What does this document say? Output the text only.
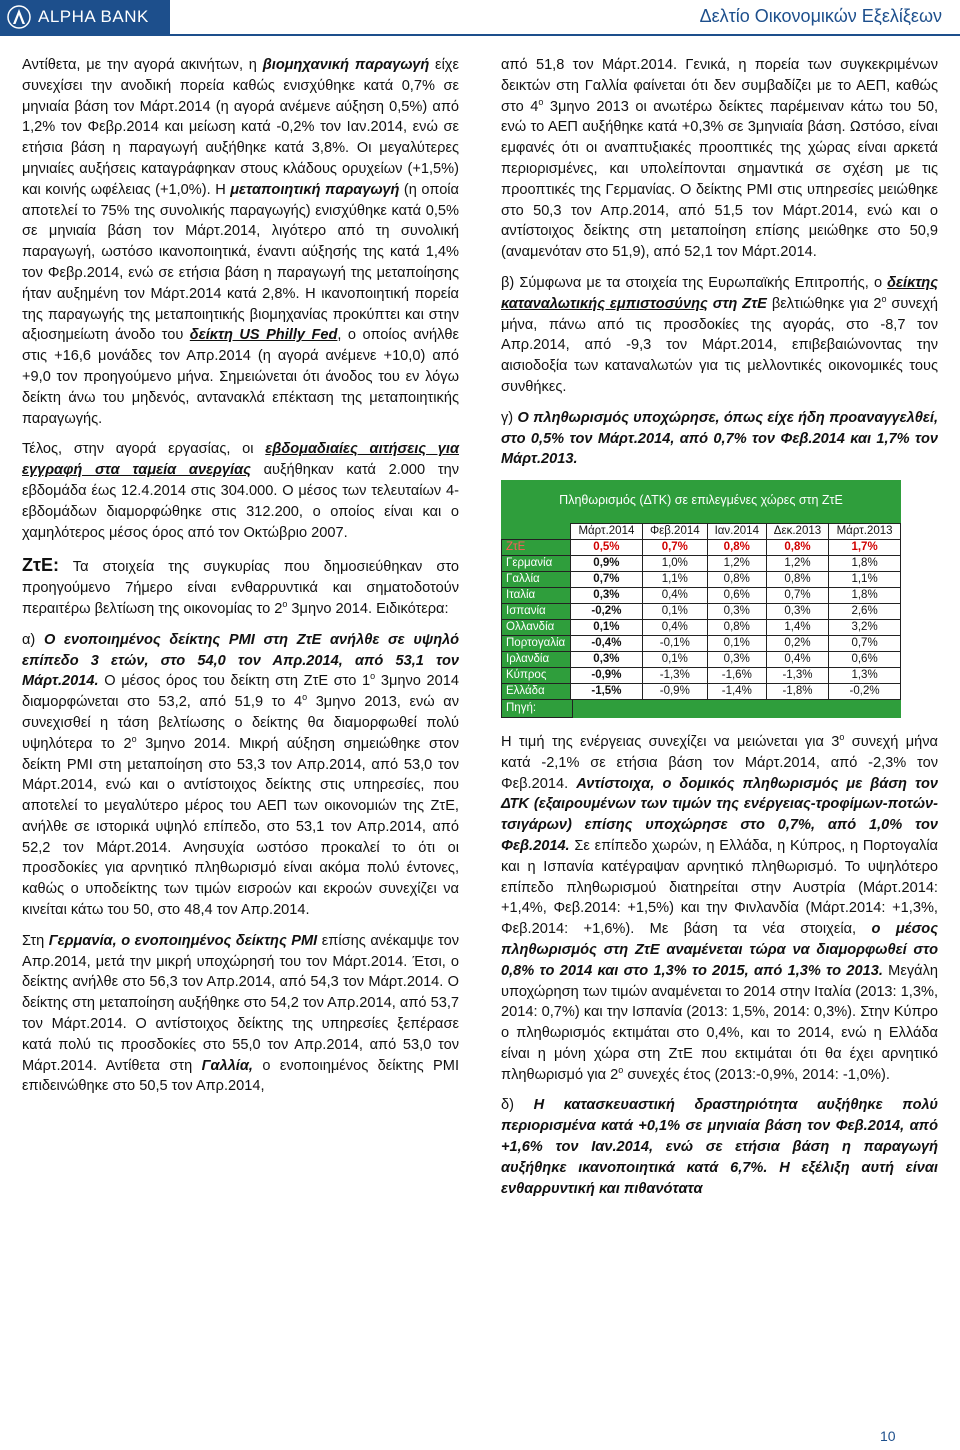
ALPHA BANK	Δελτίο Οικονομικών Εξελίξεων

Αντίθετα, με την αγορά ακινήτων, η βιομηχανική παραγωγή είχε συνεχίσει την ανοδική πορεία καθώς ενισχύθηκε κατά 0,7% σε μηνιαία βάση τον Μάρτ.2014 (η αγορά ανέμενε αύξηση 0,5%) από 1,2% τον Φεβρ.2014 και μείωση κατά -0,2% τον Ιαν.2014, ενώ σε ετήσια βάση η παραγωγή αυξήθηκε κατά 3,8%. Οι μεγαλύτερες μηνιαίες αυξήσεις καταγράφηκαν στους κλάδους ορυχείων (+1,5%) και κοινής ωφέλειας (+1,0%). Η μεταποιητική παραγωγή (η οποία αποτελεί το 75% της συνολικής παραγωγής) ενισχύθηκε κατά 0,5% σε μηνιαία βάση τον Μάρτ.2014, λιγότερο από τη συνολική παραγωγή, ωστόσο ικανοποιητικά, έναντι αύξησής της κατά 1,4% τον Φεβρ.2014, ενώ σε ετήσια βάση η παραγωγή της μεταποίησης ήταν αυξημένη τον Μάρτ.2014 κατά 2,8%. Η ικανοποιητική πορεία της παραγωγής της μεταποιητικής βιομηχανίας προκύπτει και στην αξιοσημείωτη άνοδο του δείκτη US Philly Fed, ο οποίος ανήλθε στις +16,6 μονάδες τον Απρ.2014 (η αγορά ανέμενε +10,0) από +9,0 τον προηγούμενο μήνα. Σημειώνεται ότι άνοδος του εν λόγω δείκτη άνω του μηδενός, αντανακλά επέκταση της μεταποιητικής παραγωγής.

Τέλος, στην αγορά εργασίας, οι εβδομαδιαίες αιτήσεις για εγγραφή στα ταμεία ανεργίας αυξήθηκαν κατά 2.000 την εβδομάδα έως 12.4.2014 στις 304.000. Ο μέσος των τελευταίων 4-εβδομάδων διαμορφώθηκε στις 312.200, ο οποίος είναι και ο χαμηλότερος μέσος όρος από τον Οκτώβριο 2007.

ΖτΕ: Τα στοιχεία της συγκυρίας που δημοσιεύθηκαν στο προηγούμενο 7ήμερο είναι ενθαρρυντικά και σηματοδοτούν περαιτέρω βελτίωση της οικονομίας το $2^o$ 3μηνο 2014. Ειδικότερα:

α) Ο ενοποιημένος δείκτης PMI στη ΖτΕ ανήλθε σε υψηλό επίπεδο 3 ετών, στο 54,0 τον Απρ.2014, από 53,1 τον Μάρτ.2014. Ο μέσος όρος του δείκτη στη ΖτΕ στο $1^o$ 3μηνο 2014 διαμορφώνεται στο 53,2, από 51,9 το $4^o$ 3μηνο 2013, ενώ αν συνεχισθεί η τάση βελτίωσης ο δείκτης θα διαμορφωθεί πολύ υψηλότερα το $2^o$ 3μηνο 2014. Μικρή αύξηση σημειώθηκε στον δείκτη PMI στη μεταποίηση στο 53,3 τον Απρ.2014, από 53,0 τον Μάρτ.2014, ενώ και ο αντίστοιχος δείκτης στις υπηρεσίες, που αποτελεί το μεγαλύτερο μέρος του ΑΕΠ των οικονομιών της ΖτΕ, ανήλθε σε ιστορικά υψηλό επίπεδο, στο 53,1 τον Απρ.2014, από 52,2 τον Μάρτ.2014. Ανησυχία ωστόσο προκαλεί το ότι οι προσδοκίες για αρνητικό πληθωρισμό είναι ακόμα πολύ έντονες, καθώς ο υποδείκτης των τιμών εισροών και εκροών συνεχίζει να κινείται κάτω του 50, στο 48,4 τον Απρ.2014.

Στη Γερμανία, ο ενοποιημένος δείκτης PMI επίσης ανέκαμψε τον Απρ.2014, μετά την μικρή υποχώρησή του τον Μάρτ.2014. Έτσι, ο δείκτης ανήλθε στο 56,3 τον Απρ.2014, από 54,3 τον Μάρτ.2014. Ο δείκτης στη μεταποίηση αυξήθηκε στο 54,2 τον Απρ.2014, από 53,7 τον Μάρτ.2014. Ο αντίστοιχος δείκτης της υπηρεσίες ξεπέρασε κατά πολύ τις προσδοκίες στο 55,0 τον Απρ.2014, από 53,0 τον Μάρτ.2014. Αντίθετα στη Γαλλία, ο ενοποιημένος δείκτης PMI επιδεινώθηκε στο 50,5 τον Απρ.2014,

από 51,8 τον Μάρτ.2014. Γενικά, η πορεία των συγκεκριμένων δεικτών στη Γαλλία φαίνεται ότι δεν συμβαδίζει με το ΑΕΠ, καθώς στο $4^o$ 3μηνο 2013 οι ανωτέρω δείκτες παρέμειναν κάτω του 50, ενώ το ΑΕΠ αυξήθηκε κατά +0,3% σε 3μηνιαία βάση. Ωστόσο, είναι εμφανές ότι οι αναπτυξιακές προοπτικές της χώρας είναι αρκετά περιορισμένες, και υπολείπονται σημαντικά σε σχέση με τις προοπτικές της Γερμανίας. Ο δείκτης PMI στις υπηρεσίες μειώθηκε στο 50,3 τον Απρ.2014, από 51,5 τον Μάρτ.2014, ενώ και ο αντίστοιχος δείκτης στη μεταποίηση επίσης μειώθηκε στο 50,9 (αναμενόταν στο 51,9), από 52,1 τον Μάρτ.2014.

β) Σύμφωνα με τα στοιχεία της Ευρωπαϊκής Επιτροπής, ο δείκτης καταναλωτικής εμπιστοσύνης στη ΖτΕ βελτιώθηκε για $2^o$ συνεχή μήνα, πάνω από τις προσδοκίες της αγοράς, στο -8,7 τον Απρ.2014, από -9,3 τον Μάρτ.2014, επιβεβαιώνοντας την αισιοδοξία των καταναλωτών για τις μελλοντικές οικονομικές τους συνθήκες.

γ) Ο πληθωρισμός υποχώρησε, όπως είχε ήδη προαναγγελθεί, στο 0,5% τον Μάρτ.2014, από 0,7% τον Φεβ.2014 και 1,7% τον Μάρτ.2013.

Πληθωρισμός (ΔΤΚ) σε επιλεγμένες χώρες στη ΖτΕ
	Μάρτ.2014	Φεβ.2014	Ιαν.2014	Δεκ.2013	Μάρτ.2013
ΖτΕ	0,5%	0,7%	0,8%	0,8%	1,7%
Γερμανία	0,9%	1,0%	1,2%	1,2%	1,8%
Γαλλία	0,7%	1,1%	0,8%	0,8%	1,1%
Ιταλία	0,3%	0,4%	0,6%	0,7%	1,8%
Ισπανία	-0,2%	0,1%	0,3%	0,3%	2,6%
Ολλανδία	0,1%	0,4%	0,8%	1,4%	3,2%
Πορτογαλία	-0,4%	-0,1%	0,1%	0,2%	0,7%
Ιρλανδία	0,3%	0,1%	0,3%	0,4%	0,6%
Κύπρος	-0,9%	-1,3%	-1,6%	-1,3%	1,3%
Ελλάδα	-1,5%	-0,9%	-1,4%	-1,8%	-0,2%
Πηγή: Eurostat

Η τιμή της ενέργειας συνεχίζει να μειώνεται για $3^o$ συνεχή μήνα κατά -2,1% σε ετήσια βάση τον Μάρτ.2014, από -2,3% τον Φεβ.2014. Αντίστοιχα, ο δομικός πληθωρισμός με βάση τον ΔΤΚ (εξαιρουμένων των τιμών της ενέργειας-τροφίμων-ποτών-τσιγάρων) επίσης υποχώρησε στο 0,7%, από 1,0% τον Φεβ.2014. Σε επίπεδο χωρών, η Ελλάδα, η Κύπρος, η Πορτογαλία και η Ισπανία κατέγραψαν αρνητικό πληθωρισμό. Το υψηλότερο επίπεδο πληθωρισμού διατηρείται στην Αυστρία (Μάρτ.2014: +1,4%, Φεβ.2014: +1,5%) και την Φινλανδία (Μάρτ.2014: +1,3%, Φεβ.2014: +1,6%). Με βάση τα νέα στοιχεία, ο μέσος πληθωρισμός στη ΖτΕ αναμένεται τώρα να διαμορφωθεί στο 0,8% το 2014 και στο 1,3% το 2015, από 1,3% το 2013. Μεγάλη υποχώρηση των τιμών αναμένεται το 2014 στην Ιταλία (2013: 1,3%, 2014: 0,7%) και την Ισπανία (2013: 1,5%, 2014: 0,3%). Στην Κύπρο ο πληθωρισμός εκτιμάται στο 0,4%, και το 2014, ενώ η Ελλάδα είναι η μόνη χώρα στη ΖτΕ που εκτιμάται ότι θα έχει αρνητικό πληθωρισμό για $2^o$ συνεχές έτος (2013:-0,9%, 2014: -1,0%).

δ) Η κατασκευαστική δραστηριότητα αυξήθηκε πολύ περιορισμένα κατά +0,1% σε μηνιαία βάση τον Φεβ.2014, από +1,6% τον Ιαν.2014, ενώ σε ετήσια βάση η παραγωγή αυξήθηκε ικανοποιητικά κατά 6,7%. Η εξέλιξη αυτή είναι ενθαρρυντική και πιθανότατα

10
